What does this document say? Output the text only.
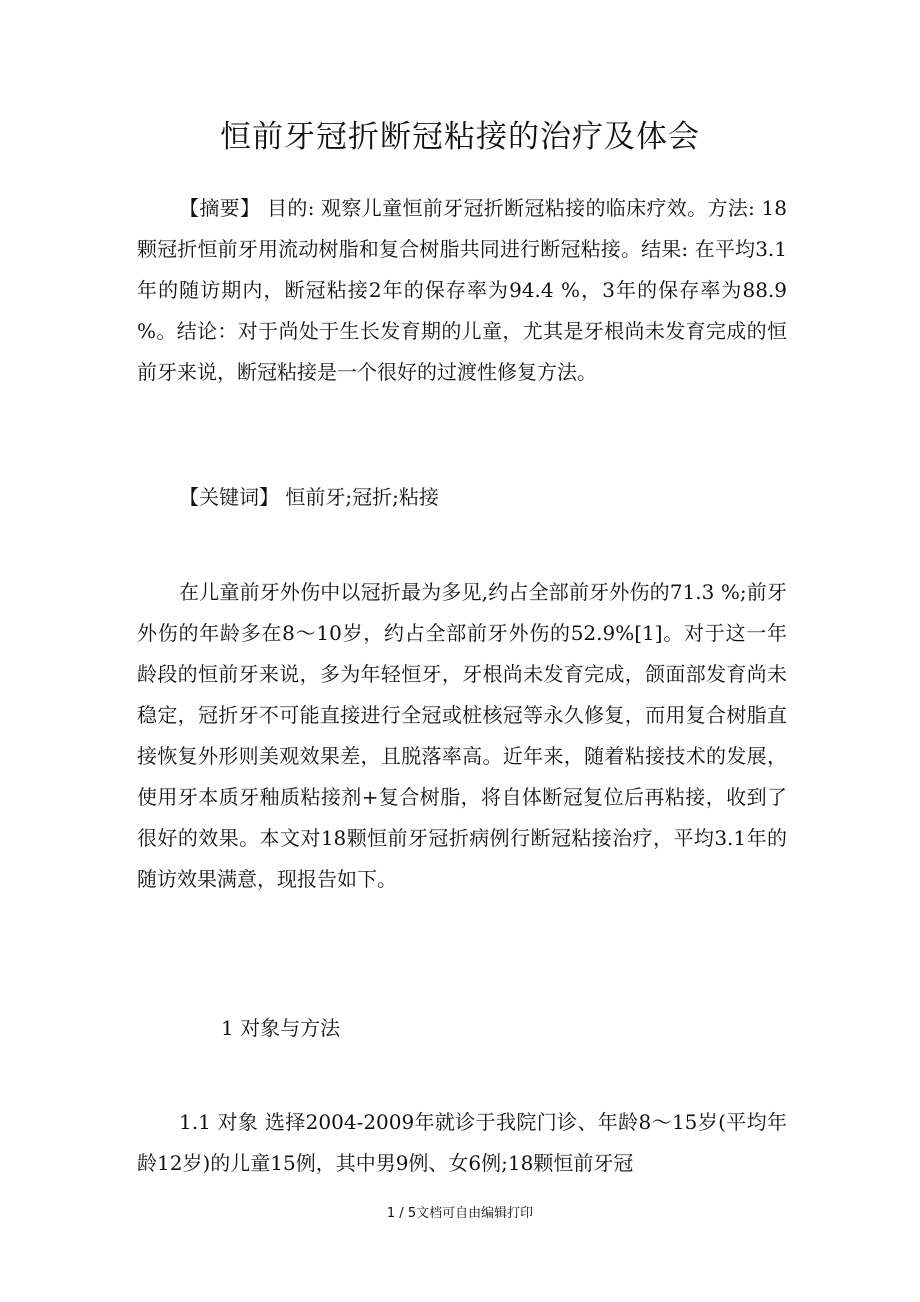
恒前牙冠折断冠粘接的治疗及体会
【摘要】 目的: 观察儿童恒前牙冠折断冠粘接的临床疗效。方法: 18颗冠折恒前牙用流动树脂和复合树脂共同进行断冠粘接。结果: 在平均3.1年的随访期内，断冠粘接2年的保存率为94.4 %，3年的保存率为88.9 %。结论：对于尚处于生长发育期的儿童，尤其是牙根尚未发育完成的恒前牙来说，断冠粘接是一个很好的过渡性修复方法。
【关键词】 恒前牙;冠折;粘接
在儿童前牙外伤中以冠折最为多见,约占全部前牙外伤的71.3 %;前牙外伤的年龄多在8～10岁，约占全部前牙外伤的52.9%[1]。对于这一年龄段的恒前牙来说，多为年轻恒牙，牙根尚未发育完成，颌面部发育尚未稳定，冠折牙不可能直接进行全冠或桩核冠等永久修复，而用复合树脂直接恢复外形则美观效果差，且脱落率高。近年来，随着粘接技术的发展，使用牙本质牙釉质粘接剂+复合树脂，将自体断冠复位后再粘接，收到了很好的效果。本文对18颗恒前牙冠折病例行断冠粘接治疗，平均3.1年的随访效果满意，现报告如下。
1 对象与方法
1.1 对象 选择2004-2009年就诊于我院门诊、年龄8～15岁(平均年龄12岁)的儿童15例，其中男9例、女6例;18颗恒前牙冠
1 / 5文档可自由编辑打印
